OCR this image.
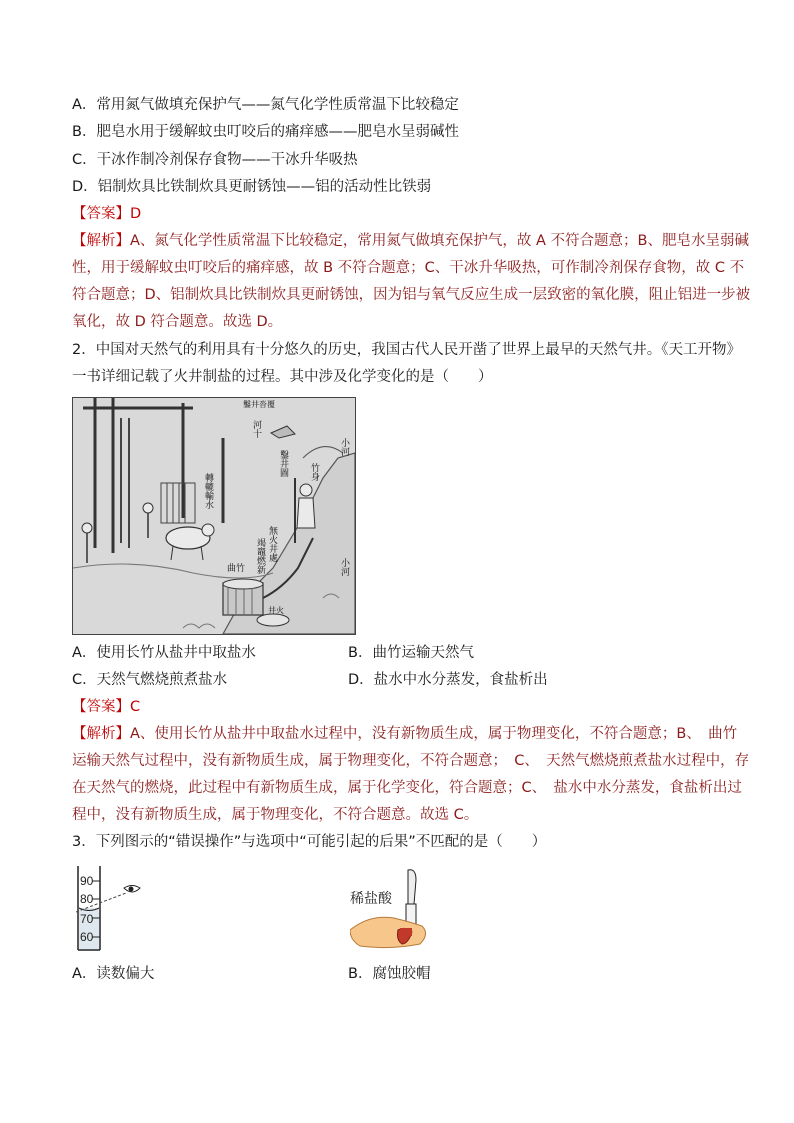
A．常用氮气做填充保护气——氮气化学性质常温下比较稳定
B．肥皂水用于缓解蚊虫叮咬后的痛痒感——肥皂水呈弱碱性
C．干冰作制冷剂保存食物——干冰升华吸热
D．铝制炊具比铁制炊具更耐锈蚀——铝的活动性比铁弱
【答案】D
【解析】A、氮气化学性质常温下比较稳定，常用氮气做填充保护气，故 A 不符合题意；B、肥皂水呈弱碱
性，用于缓解蚊虫叮咬后的痛痒感，故 B 不符合题意；C、干冰升华吸热，可作制冷剂保存食物，故 C 不
符合题意；D、铝制炊具比铁制炊具更耐锈蚀，因为铝与氧气反应生成一层致密的氧化膜，阻止铝进一步被
氧化，故 D 符合题意。故选 D。
2．中国对天然气的利用具有十分悠久的历史，我国古代人民开凿了世界上最早的天然气井。《天工开物》
一书详细记载了火井制盐的过程。其中涉及化学变化的是（　　）
鑿井沓覆
河十
小河
小河
鑿井圖 竹身
轉轆輸水
無火井處
竭竈燃新
曲竹
井火
A．使用长竹从盐井中取盐水	B．曲竹运输天然气
C．天然气燃烧煎煮盐水	D．盐水中水分蒸发，食盐析出
【答案】C
【解析】A、使用长竹从盐井中取盐水过程中，没有新物质生成，属于物理变化，不符合题意；B、　曲竹
运输天然气过程中，没有新物质生成，属于物理变化，不符合题意；　C、　天然气燃烧煎煮盐水过程中，存
在天然气的燃烧，此过程中有新物质生成，属于化学变化，符合题意；C、　盐水中水分蒸发，食盐析出过
程中，没有新物质生成，属于物理变化，不符合题意。故选 C。
3．下列图示的“错误操作”与选项中“可能引起的后果”不匹配的是（　　）
90
80
70
60
稀盐酸
A．读数偏大	B．腐蚀胶帽
